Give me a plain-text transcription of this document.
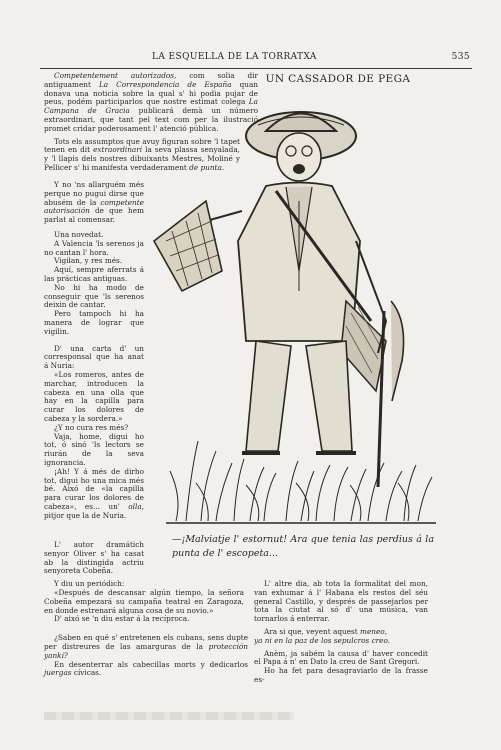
LA ESQUELLA DE LA TORRATXA	535

Competentement autorizados, com solia dir antiguament La Correspondencia de España quan donava una noticia sobre la qual s' hi podia pujar de peus, podém participarlos que nostre estimat colega La Campana de Gracia publicará demà un número extraordinari, que tant pel text com per la ilustració promet cridar poderosament l' atenció pública.

Tots els assumptos que avuy figuran sobre 'l tapet tenen en dit extraordinari la seva plassa senyalada, y 'l llapis dels nostres dibuixants Mestres, Moliné y Pellicer s' hi manifesta verdaderament de punta.

Y no 'ns allarguém més perque no pugui dirse que abusém de la competente autorisación de que hem parlat al comensar.

Una novedat.

A Valencia 'ls serenos ja no cantan l' hora.

Vigilan, y res més.

Aquí, sempre aferrats á las prácticas antiguas.

No hi ha modo de conseguir que 'ls serenos deixin de cantar.

Pero tampoch hi ha manera de lograr que vigilin.

D' una carta d' un corresponsal que ha anat á Nuria:

«Los romeros, antes de marchar, introducen la cabeza en una olla que hay en la capilla para curar los dolores de cabeza y la sordera.»

¿Y no cura res més?

Vaja, home, digui ho tot, ó sinó 'ls lectors se riurán de la seva ignorancia.

¡Ah! Y á més de dirho tot, digui ho una mica més bé. Aixó de «la capilla para curar los dolores de cabeza», es... un' olla, pitjor que la de Nuria.

UN CASSADOR DE PEGA
—¡Malviatje l' estornut! Ara que tenia las perdius á la punta de l' escopeta...

L' autor dramátich senyor Oliver s' ha casat ab la distingida actriu senyoreta Cobeña.

Y diu un periódich:

«Después de descansar algún tiempo, la señora Cobeña empezará su campaña teatral en Zaragoza, en donde estrenará alguna cosa de su novio.»

D' aixó se 'n diu estar á la recíproca.

¿Saben en qué s' entretenen els cubans, sens dupte per distreures de las amarguras de la protección yankí?

En desenterrar als cabecillas morts y dedicarlos juergas cívicas.

L' altre dia, ab tota la formalitat del mon, van exhumar á l' Habana els restos del séu general Castillo, y després de passejarlos per tota la ciutat al só d' una música, van tornarlos á enterrar.

Ara si que, veyent aquest meneo,

ya ni en la paz de los sepulcros creo.

Anèm, ja sabém la causa d' haver concedit el Papa á n' en Dato la creu de Sant Gregori.

Ho ha fet para desagraviarlo de la frasse es-
